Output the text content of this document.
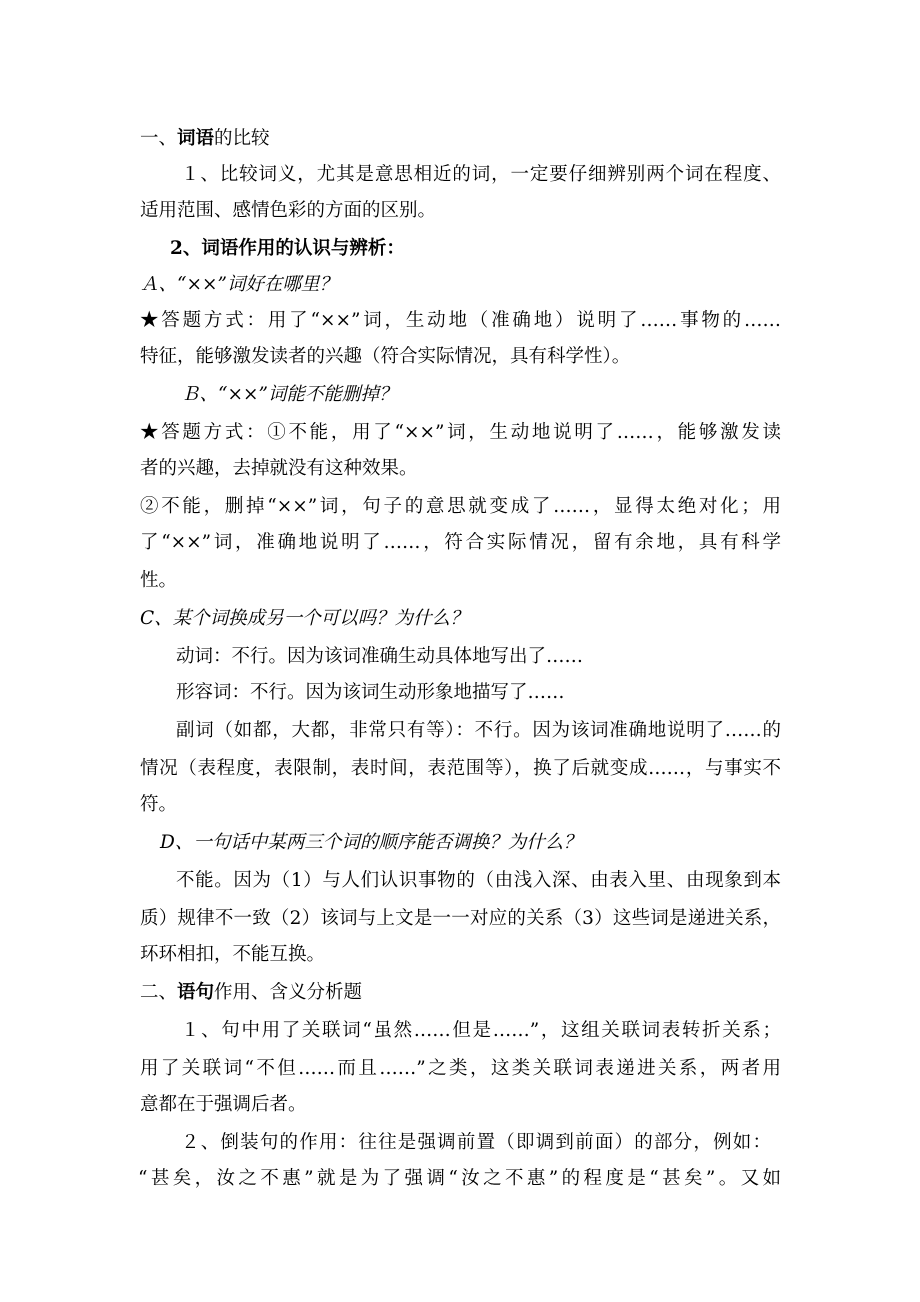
一、词语的比较
１、比较词义，尤其是意思相近的词，一定要仔细辨别两个词在程度、
适用范围、感情色彩的方面的区别。
2、词语作用的认识与辨析：
Ａ、“××”词好在哪里？
★答题方式：用了“××”词，生动地（准确地）说明了……事物的……
特征，能够激发读者的兴趣（符合实际情况，具有科学性）。
Ｂ、“××”词能不能删掉？
★答题方式：①不能，用了“××”词，生动地说明了……，能够激发读
者的兴趣，去掉就没有这种效果。
②不能，删掉“××”词，句子的意思就变成了……，显得太绝对化；用
了“××”词，准确地说明了……，符合实际情况，留有余地，具有科学
性。
C、某个词换成另一个可以吗？为什么？
动词：不行。因为该词准确生动具体地写出了……
形容词：不行。因为该词生动形象地描写了……
副词（如都，大都，非常只有等）：不行。因为该词准确地说明了……的
情况（表程度，表限制，表时间，表范围等），换了后就变成……，与事实不
符。
D、一句话中某两三个词的顺序能否调换？为什么？
不能。因为（1）与人们认识事物的（由浅入深、由表入里、由现象到本
质）规律不一致（2）该词与上文是一一对应的关系（3）这些词是递进关系，
环环相扣，不能互换。
二、语句作用、含义分析题
１、句中用了关联词“虽然……但是……”，这组关联词表转折关系；
用了关联词“不但……而且……”之类，这类关联词表递进关系，两者用
意都在于强调后者。
２、倒装句的作用：往往是强调前置（即调到前面）的部分，例如：
“甚矣，汝之不惠”就是为了强调“汝之不惠”的程度是“甚矣”。又如
